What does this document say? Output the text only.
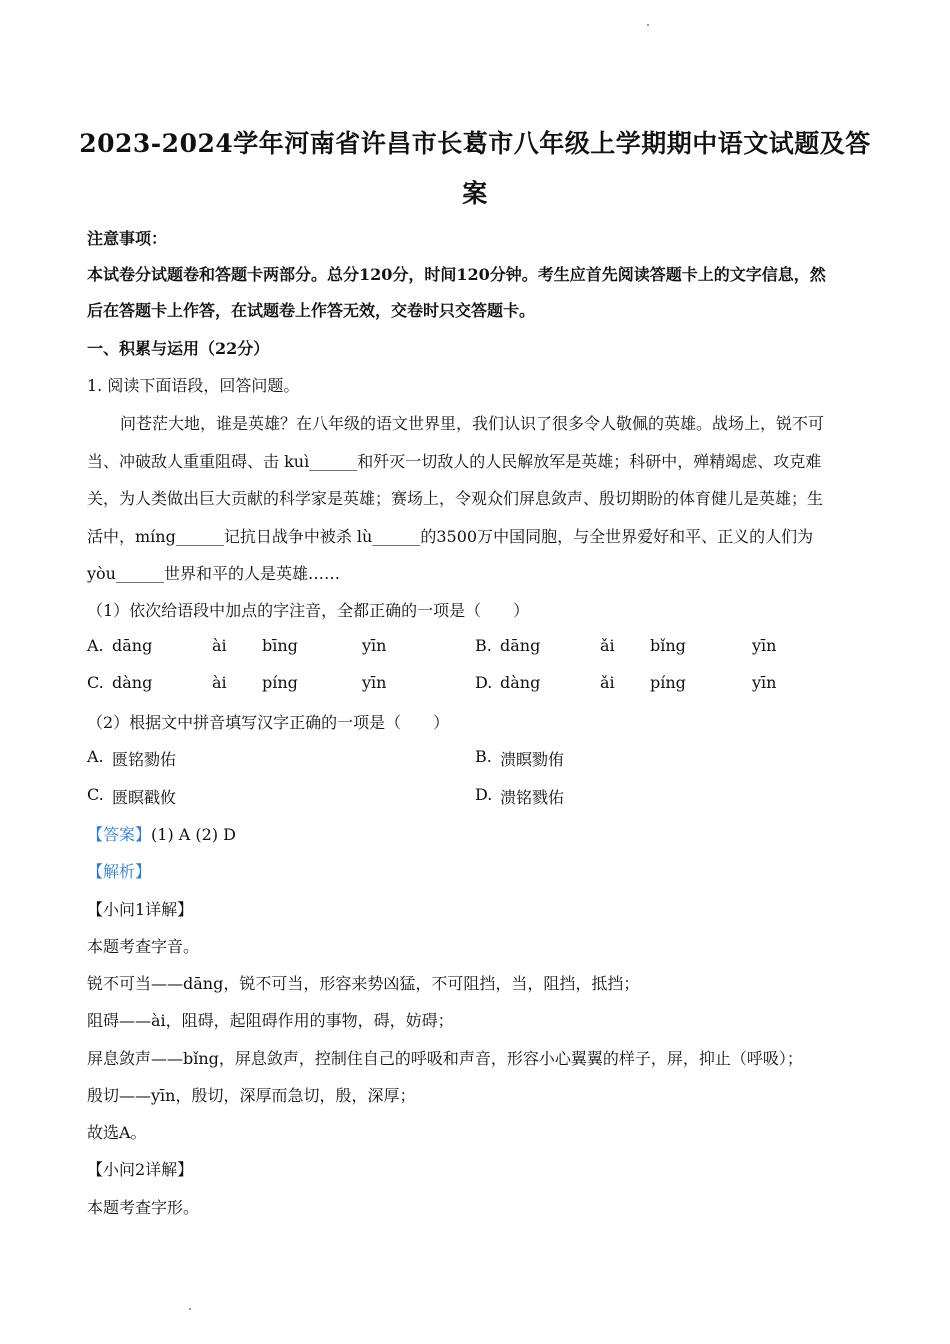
2023-2024学年河南省许昌市长葛市八年级上学期期中语文试题及答
案
注意事项：
本试卷分试题卷和答题卡两部分。总分120分，时间120分钟。考生应首先阅读答题卡上的文字信息，然
后在答题卡上作答，在试题卷上作答无效，交卷时只交答题卡。
一、积累与运用（22分）
1. 阅读下面语段，回答问题。
问苍茫大地，谁是英雄？在八年级的语文世界里，我们认识了很多令人敬佩的英雄。战场上，锐不可
当、冲破敌人重重阻碍、击 kuì______和歼灭一切敌人的人民解放军是英雄；科研中，殚精竭虑、攻克难
关，为人类做出巨大贡献的科学家是英雄；赛场上，令观众们屏息敛声、殷切期盼的体育健儿是英雄；生
活中，míng______记抗日战争中被杀 lù______的3500万中国同胞，与全世界爱好和平、正义的人们为
yòu______世界和平的人是英雄……
（1）依次给语段中加点的字注音，全都正确的一项是（　　）
A. dāng	ài bīng	yīn	B. dāng	ǎi bǐng	yīn
C. dàng	ài píng	yīn	D. dàng	ǎi píng	yīn
（2）根据文中拼音填写汉字正确的一项是（　　）
A. 匮铭勠佑	B. 溃瞑勠侑
C. 匮瞑戳攸	D. 溃铭戮佑
【答案】(1) A (2) D
【解析】
【小问1详解】
本题考查字音。
锐不可当——dāng，锐不可当，形容来势凶猛，不可阻挡，当，阻挡，抵挡；
阻碍——ài，阻碍，起阻碍作用的事物，碍，妨碍；
屏息敛声——bǐng，屏息敛声，控制住自己的呼吸和声音，形容小心翼翼的样子，屏，抑止（呼吸）；
殷切——yīn，殷切，深厚而急切，殷，深厚；
故选A。
【小问2详解】
本题考查字形。
